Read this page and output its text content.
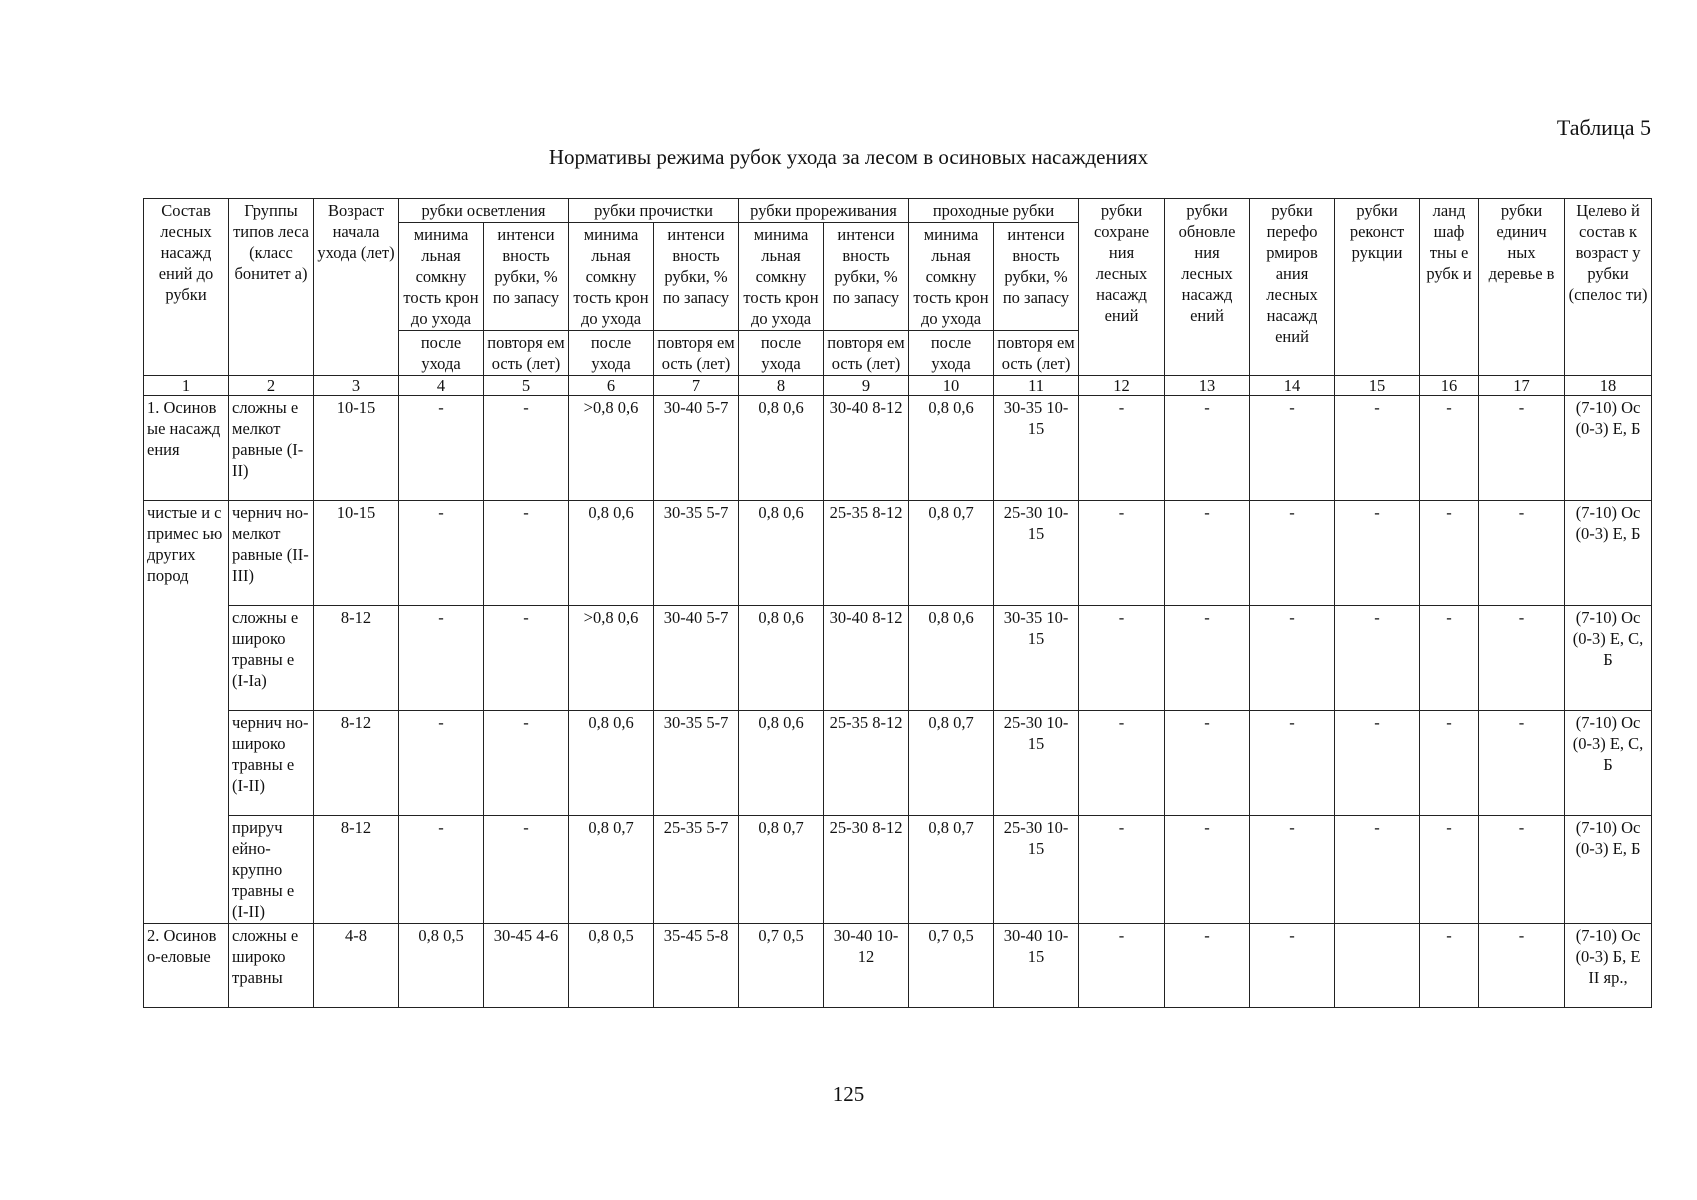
Таблица 5
Нормативы режима рубок ухода за лесом в осиновых насаждениях
Состав лесных насажд ений до рубки	Группы типов леса (класс бонитет а)	Возраст начала ухода (лет)	рубки осветления		рубки прочистки		рубки прореживания		проходные рубки		рубки сохране ния лесных насажд ений	рубки обновле ния лесных насажд ений	рубки перефо рмиров ания лесных насажд ений	рубки реконст рукции	ланд шаф тны е рубк и	рубки единич ных деревье в	Целево й состав к возраст у рубки (спелос ти)
			минима льная сомкну тость крон до ухода	интенси вность рубки, % по запасу	минима льная сомкну тость крон до ухода	интенси вность рубки, % по запасу	минима льная сомкну тость крон до ухода	интенси вность рубки, % по запасу	минима льная сомкну тость крон до ухода	интенси вность рубки, % по запасу							
			после ухода	повторя ем ость (лет)	после ухода	повторя ем ость (лет)	после ухода	повторя ем ость (лет)	после ухода	повторя ем ость (лет)							
1	2	3	4	5	6	7	8	9	10	11	12	13	14	15	16	17	18
1. Осинов ые насажд ения	сложны е мелкот равные (I-II)	10-15	-	-	>0,8 0,6	30-40 5-7	0,8 0,6	30-40 8-12	0,8 0,6	30-35 10-15	-	-	-	-	-	-	(7-10) Ос (0-3) Е, Б
чистые и с примес ью других пород	чернич но-мелкот равные (II-III)	10-15	-	-	0,8 0,6	30-35 5-7	0,8 0,6	25-35 8-12	0,8 0,7	25-30 10-15	-	-	-	-	-	-	(7-10) Ос (0-3) Е, Б
	сложны е широко травны е (I-Ia)	8-12	-	-	>0,8 0,6	30-40 5-7	0,8 0,6	30-40 8-12	0,8 0,6	30-35 10-15	-	-	-	-	-	-	(7-10) Ос (0-3) Е, С, Б
	чернич но-широко травны е (I-II)	8-12	-	-	0,8 0,6	30-35 5-7	0,8 0,6	25-35 8-12	0,8 0,7	25-30 10-15	-	-	-	-	-	-	(7-10) Ос (0-3) Е, С, Б
	прируч ейно-крупно травны е (I-II)	8-12	-	-	0,8 0,7	25-35 5-7	0,8 0,7	25-30 8-12	0,8 0,7	25-30 10-15	-	-	-	-	-	-	(7-10) Ос (0-3) Е, Б
2. Осинов о-еловые	сложны е широко травны	4-8	0,8 0,5	30-45 4-6	0,8 0,5	35-45 5-8	0,7 0,5	30-40 10-12	0,7 0,5	30-40 10-15	-	-	-		-	-	(7-10) Ос (0-3) Б, Е II яр.,
125
